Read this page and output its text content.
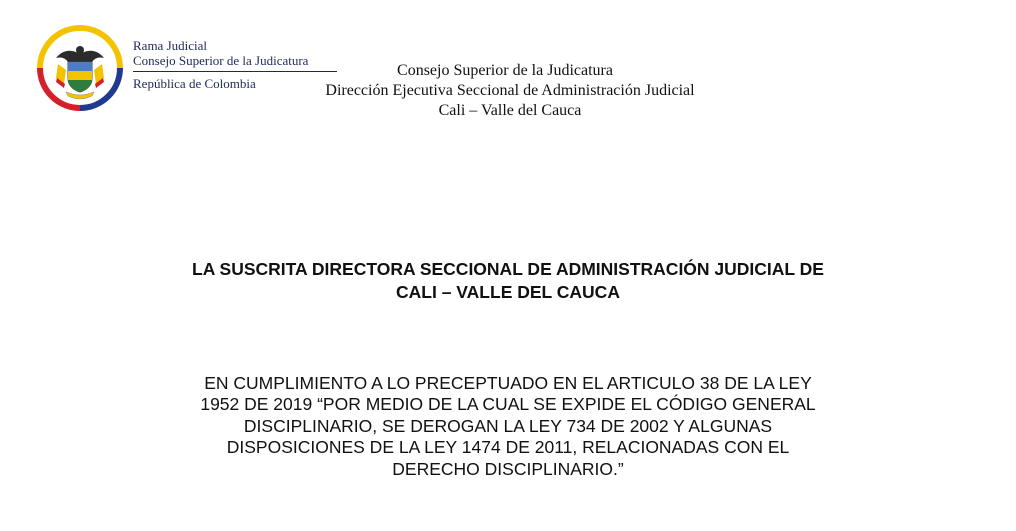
Rama Judicial
Consejo Superior de la Judicatura
República de Colombia
Consejo Superior de la Judicatura
Dirección Ejecutiva Seccional de Administración Judicial
Cali – Valle del Cauca
LA SUSCRITA DIRECTORA SECCIONAL DE ADMINISTRACIÓN JUDICIAL DE
CALI – VALLE DEL CAUCA
EN CUMPLIMIENTO A LO PRECEPTUADO EN EL ARTICULO 38 DE LA LEY
1952 DE 2019 “POR MEDIO DE LA CUAL SE EXPIDE EL CÓDIGO GENERAL
DISCIPLINARIO, SE DEROGAN LA LEY 734 DE 2002 Y ALGUNAS
DISPOSICIONES DE LA LEY 1474 DE 2011, RELACIONADAS CON EL
DERECHO DISCIPLINARIO.”
